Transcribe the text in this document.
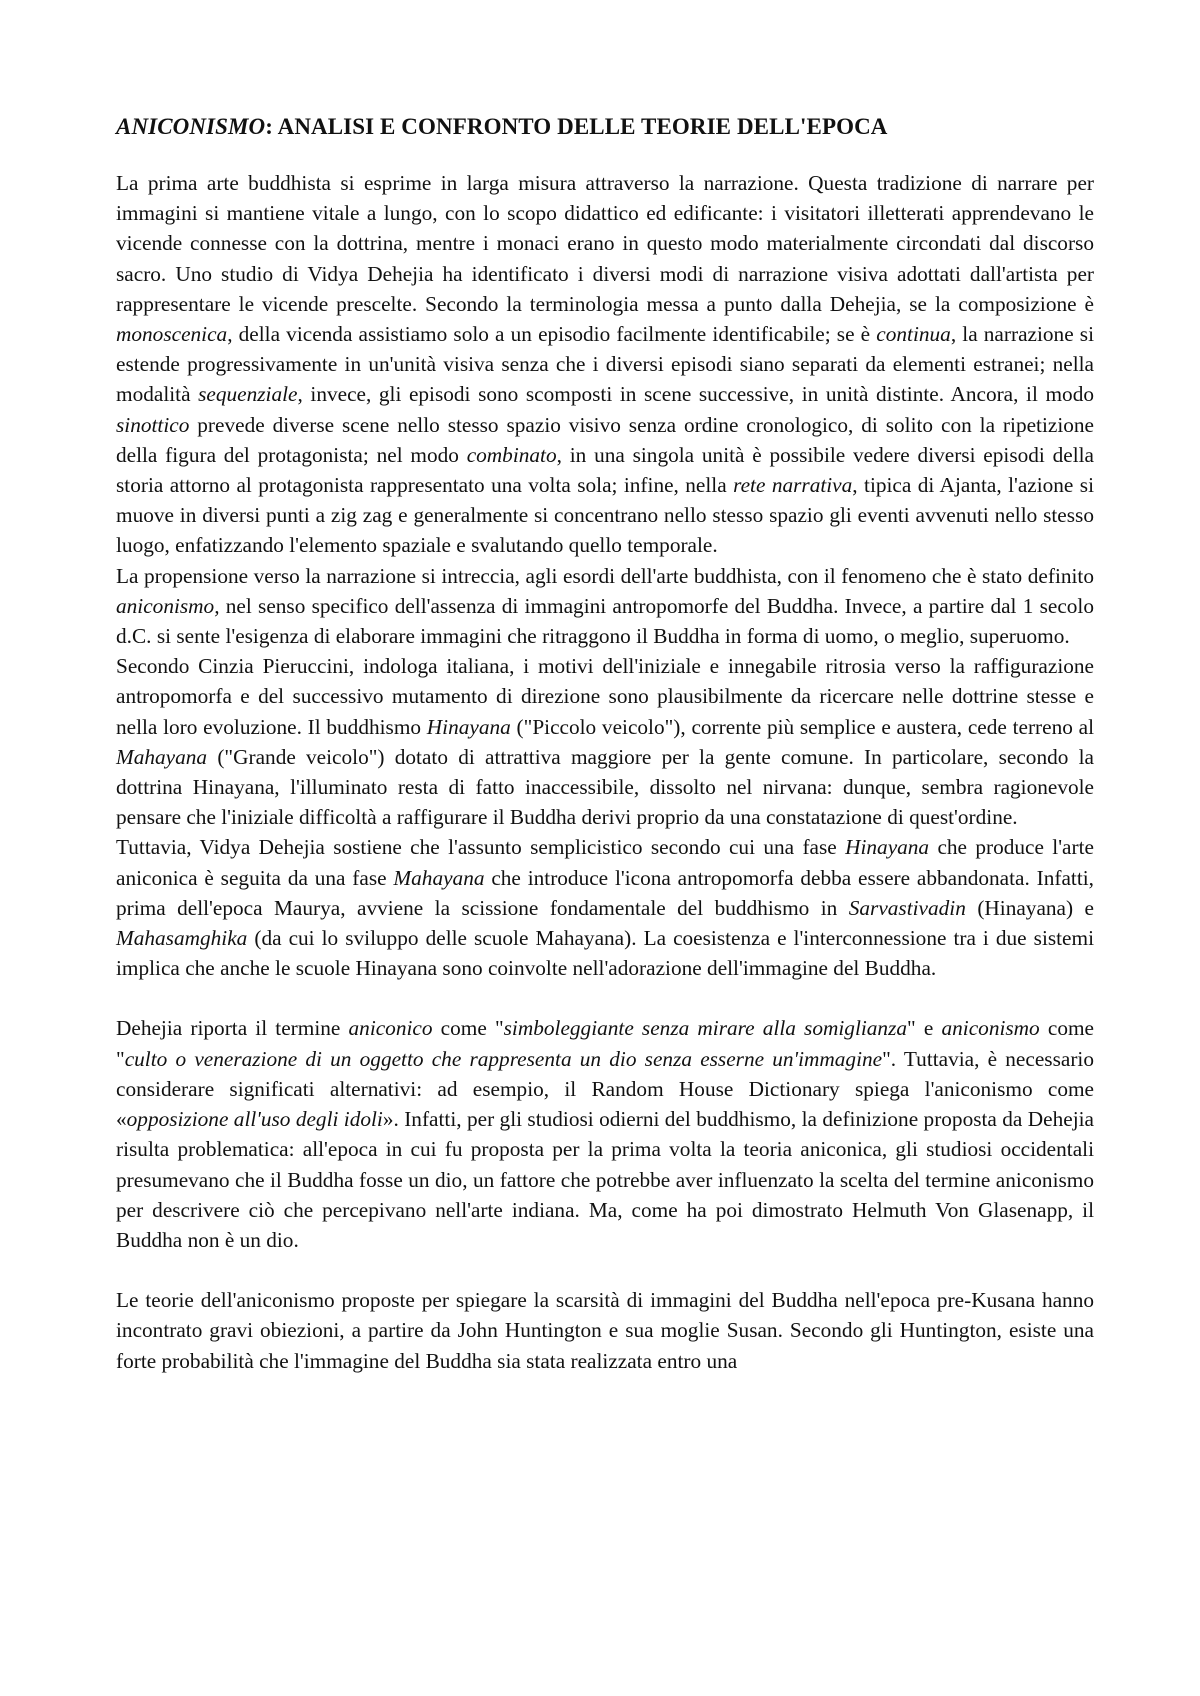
ANICONISMO: ANALISI E CONFRONTO DELLE TEORIE DELL'EPOCA

La prima arte buddhista si esprime in larga misura attraverso la narrazione. Questa tradizione di narrare per immagini si mantiene vitale a lungo, con lo scopo didattico ed edificante: i visitatori illetterati apprendevano le vicende connesse con la dottrina, mentre i monaci erano in questo modo materialmente circondati dal discorso sacro. Uno studio di Vidya Dehejia ha identificato i diversi modi di narrazione visiva adottati dall'artista per rappresentare le vicende prescelte. Secondo la terminologia messa a punto dalla Dehejia, se la composizione è monoscenica, della vicenda assistiamo solo a un episodio facilmente identificabile; se è continua, la narrazione si estende progressivamente in un'unità visiva senza che i diversi episodi siano separati da elementi estranei; nella modalità sequenziale, invece, gli episodi sono scomposti in scene successive, in unità distinte. Ancora, il modo sinottico prevede diverse scene nello stesso spazio visivo senza ordine cronologico, di solito con la ripetizione della figura del protagonista; nel modo combinato, in una singola unità è possibile vedere diversi episodi della storia attorno al protagonista rappresentato una volta sola; infine, nella rete narrativa, tipica di Ajanta, l'azione si muove in diversi punti a zig zag e generalmente si concentrano nello stesso spazio gli eventi avvenuti nello stesso luogo, enfatizzando l'elemento spaziale e svalutando quello temporale.

La propensione verso la narrazione si intreccia, agli esordi dell'arte buddhista, con il fenomeno che è stato definito aniconismo, nel senso specifico dell'assenza di immagini antropomorfe del Buddha. Invece, a partire dal 1 secolo d.C. si sente l'esigenza di elaborare immagini che ritraggono il Buddha in forma di uomo, o meglio, superuomo.

Secondo Cinzia Pieruccini, indologa italiana, i motivi dell'iniziale e innegabile ritrosia verso la raffigurazione antropomorfa e del successivo mutamento di direzione sono plausibilmente da ricercare nelle dottrine stesse e nella loro evoluzione. Il buddhismo Hinayana ("Piccolo veicolo"), corrente più semplice e austera, cede terreno al Mahayana ("Grande veicolo") dotato di attrattiva maggiore per la gente comune. In particolare, secondo la dottrina Hinayana, l'illuminato resta di fatto inaccessibile, dissolto nel nirvana: dunque, sembra ragionevole pensare che l'iniziale difficoltà a raffigurare il Buddha derivi proprio da una constatazione di quest'ordine.

Tuttavia, Vidya Dehejia sostiene che l'assunto semplicistico secondo cui una fase Hinayana che produce l'arte aniconica è seguita da una fase Mahayana che introduce l'icona antropomorfa debba essere abbandonata. Infatti, prima dell'epoca Maurya, avviene la scissione fondamentale del buddhismo in Sarvastivadin (Hinayana) e Mahasamghika (da cui lo sviluppo delle scuole Mahayana). La coesistenza e l'interconnessione tra i due sistemi implica che anche le scuole Hinayana sono coinvolte nell'adorazione dell'immagine del Buddha.

Dehejia riporta il termine aniconico come "simboleggiante senza mirare alla somiglianza" e aniconismo come "culto o venerazione di un oggetto che rappresenta un dio senza esserne un'immagine". Tuttavia, è necessario considerare significati alternativi: ad esempio, il Random House Dictionary spiega l'aniconismo come «opposizione all'uso degli idoli». Infatti, per gli studiosi odierni del buddhismo, la definizione proposta da Dehejia risulta problematica: all'epoca in cui fu proposta per la prima volta la teoria aniconica, gli studiosi occidentali presumevano che il Buddha fosse un dio, un fattore che potrebbe aver influenzato la scelta del termine aniconismo per descrivere ciò che percepivano nell'arte indiana. Ma, come ha poi dimostrato Helmuth Von Glasenapp, il Buddha non è un dio.

Le teorie dell'aniconismo proposte per spiegare la scarsità di immagini del Buddha nell'epoca pre-Kusana hanno incontrato gravi obiezioni, a partire da John Huntington e sua moglie Susan. Secondo gli Huntington, esiste una forte probabilità che l'immagine del Buddha sia stata realizzata entro una
